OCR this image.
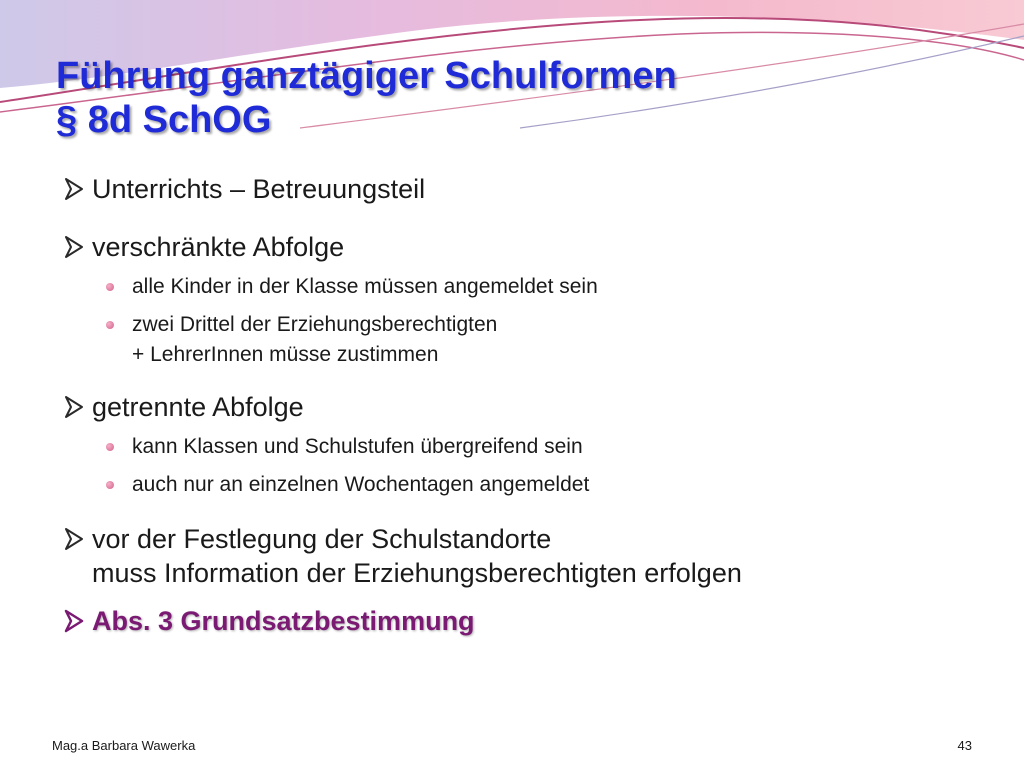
Führung ganztägiger Schulformen
§ 8d SchOG
Unterrichts – Betreuungsteil
verschränkte Abfolge
alle Kinder in der Klasse müssen angemeldet sein
zwei Drittel der Erziehungsberechtigten
+ LehrerInnen müsse zustimmen
getrennte Abfolge
kann Klassen und Schulstufen übergreifend sein
auch nur an einzelnen Wochentagen angemeldet
vor der Festlegung der Schulstandorte
muss Information der Erziehungsberechtigten erfolgen
Abs. 3 Grundsatzbestimmung
Mag.a Barbara Wawerka	43
